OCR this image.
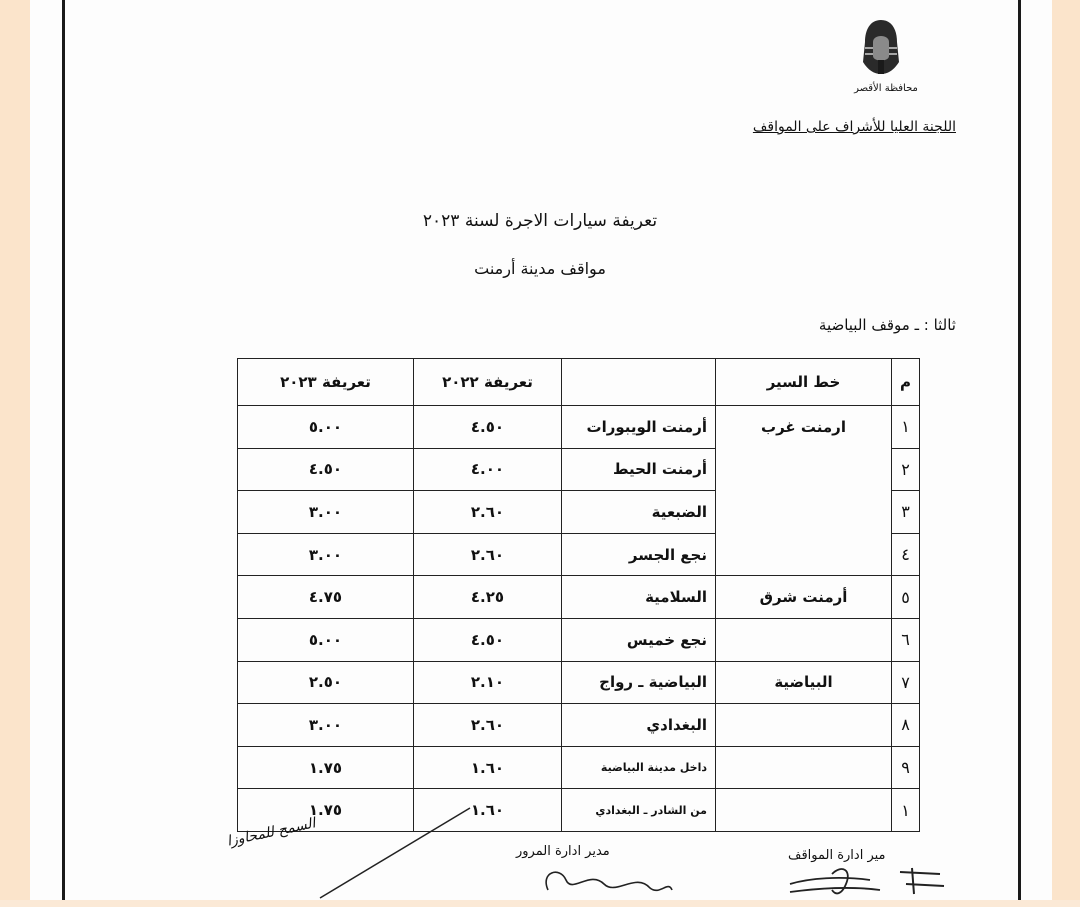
محافظة الأقصر
اللجنة العليا للأشراف على المواقف
تعريفة سيارات الاجرة لسنة ٢٠٢٣
مواقف مدينة أرمنت
ثالثا : ـ موقف البياضية
م	خط السير		تعريفة ٢٠٢٢	تعريفة ٢٠٢٣
١	ارمنت غرب	أرمنت الويبورات	٤.٥٠	٥.٠٠
٢		أرمنت الحيط	٤.٠٠	٤.٥٠
٣		الضبعية	٢.٦٠	٣.٠٠
٤		نجع الجسر	٢.٦٠	٣.٠٠
٥	أرمنت شرق	السلامية	٤.٢٥	٤.٧٥
٦		نجع خميس	٤.٥٠	٥.٠٠
٧	البياضية	البياضية ـ رواج	٢.١٠	٢.٥٠
٨		البغدادي	٢.٦٠	٣.٠٠
٩		داخل مدينة البياضية	١.٦٠	١.٧٥
١		من الشادر ـ البغدادي	١.٦٠	١.٧٥
مير ادارة المواقف
مدير ادارة المرور
السمح للمحاوزا
